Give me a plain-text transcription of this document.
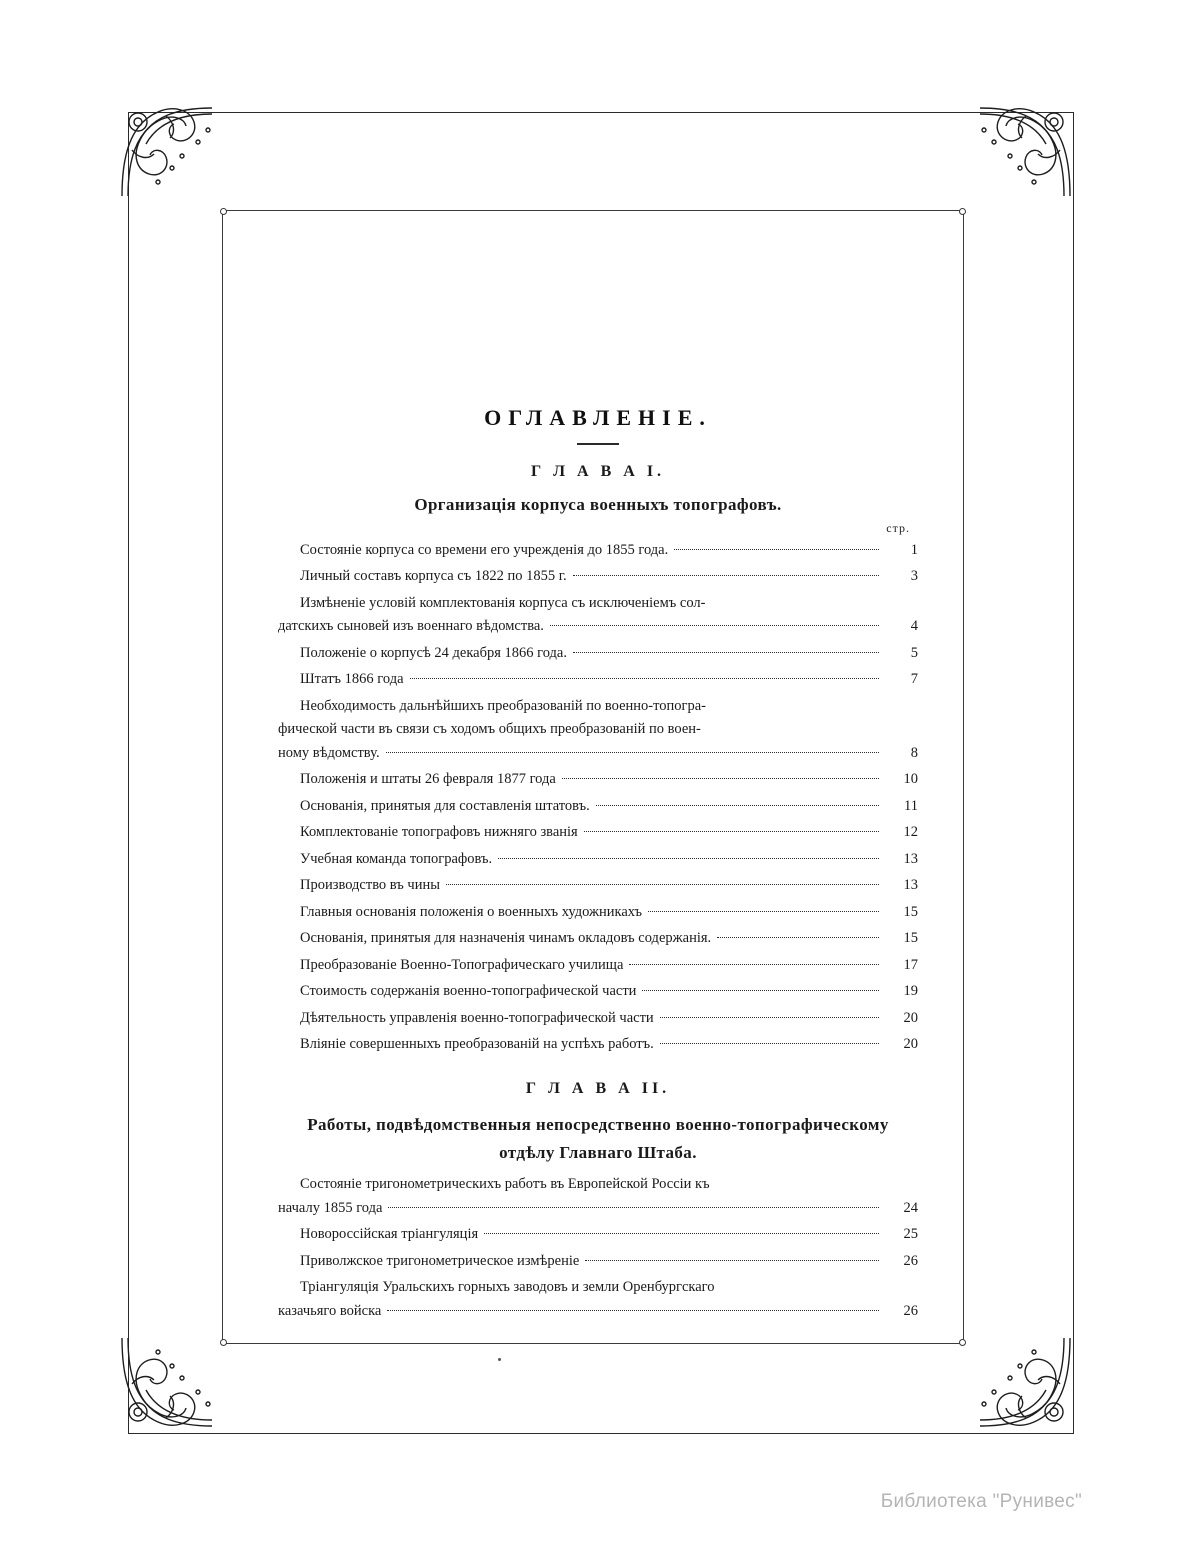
ОГЛАВЛЕНІЕ.
Г Л А В А I.
Организація корпуса военныхъ топографовъ.
стр.
Состояніе корпуса со времени его учрежденія до 1855 года.	1
Личный составъ корпуса съ 1822 по 1855 г.	3
Измѣненіе условій комплектованія корпуса съ исключеніемъ сол-
датскихъ сыновей изъ военнаго вѣдомства.	4
Положеніе о корпусѣ 24 декабря 1866 года.	5
Штатъ 1866 года	7
Необходимость дальнѣйшихъ преобразованій по военно-топогра-
фической части въ связи съ ходомъ общихъ преобразованій по воен-
ному вѣдомству.	8
Положенія и штаты 26 февраля 1877 года	10
Основанія, принятыя для составленія штатовъ.	11
Комплектованіе топографовъ нижняго званія	12
Учебная команда топографовъ.	13
Производство въ чины	13
Главныя основанія положенія о военныхъ художникахъ	15
Основанія, принятыя для назначенія чинамъ окладовъ содержанія.	15
Преобразованіе Военно-Топографическаго училища	17
Стоимость содержанія военно-топографической части	19
Дѣятельность управленія военно-топографической части	20
Вліяніе совершенныхъ преобразованій на успѣхъ работъ.	20
Г Л А В А II.
Работы, подвѣдомственныя непосредственно военно-топографическому
отдѣлу Главнаго Штаба.
Состояніе тригонометрическихъ работъ въ Европейской Россіи къ
началу 1855 года	24
Новороссійская тріангуляція	25
Приволжское тригонометрическое измѣреніе	26
Тріангуляція Уральскихъ горныхъ заводовъ и земли Оренбургскаго
казачьяго войска	26
Библиотека "Рунивес"
